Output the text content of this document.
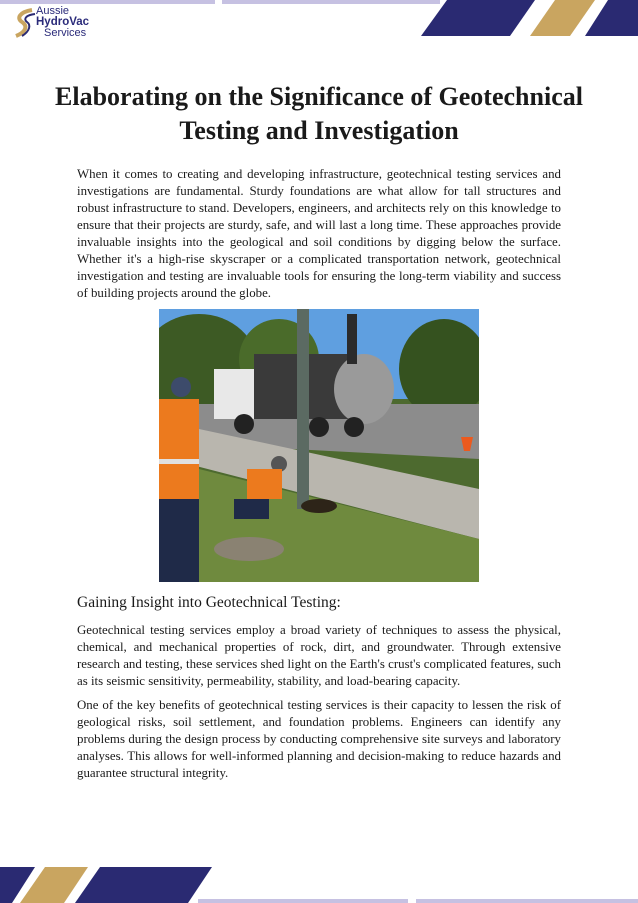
Aussie
HydroVac
Services
Elaborating on the Significance of Geotechnical Testing and Investigation

When it comes to creating and developing infrastructure, geotechnical testing services and investigations are fundamental. Sturdy foundations are what allow for tall structures and robust infrastructure to stand. Developers, engineers, and architects rely on this knowledge to ensure that their projects are sturdy, safe, and will last a long time. These approaches provide invaluable insights into the geological and soil conditions by digging below the surface. Whether it's a high-rise skyscraper or a complicated transportation network, geotechnical investigation and testing are invaluable tools for ensuring the long-term viability and success of building projects around the globe.

Gaining Insight into Geotechnical Testing:

Geotechnical testing services employ a broad variety of techniques to assess the physical, chemical, and mechanical properties of rock, dirt, and groundwater. Through extensive research and testing, these services shed light on the Earth's crust's complicated features, such as its seismic sensitivity, permeability, stability, and load-bearing capacity.

One of the key benefits of geotechnical testing services is their capacity to lessen the risk of geological risks, soil settlement, and foundation problems. Engineers can identify any problems during the design process by conducting comprehensive site surveys and laboratory analyses. This allows for well-informed planning and decision-making to reduce hazards and guarantee structural integrity.
